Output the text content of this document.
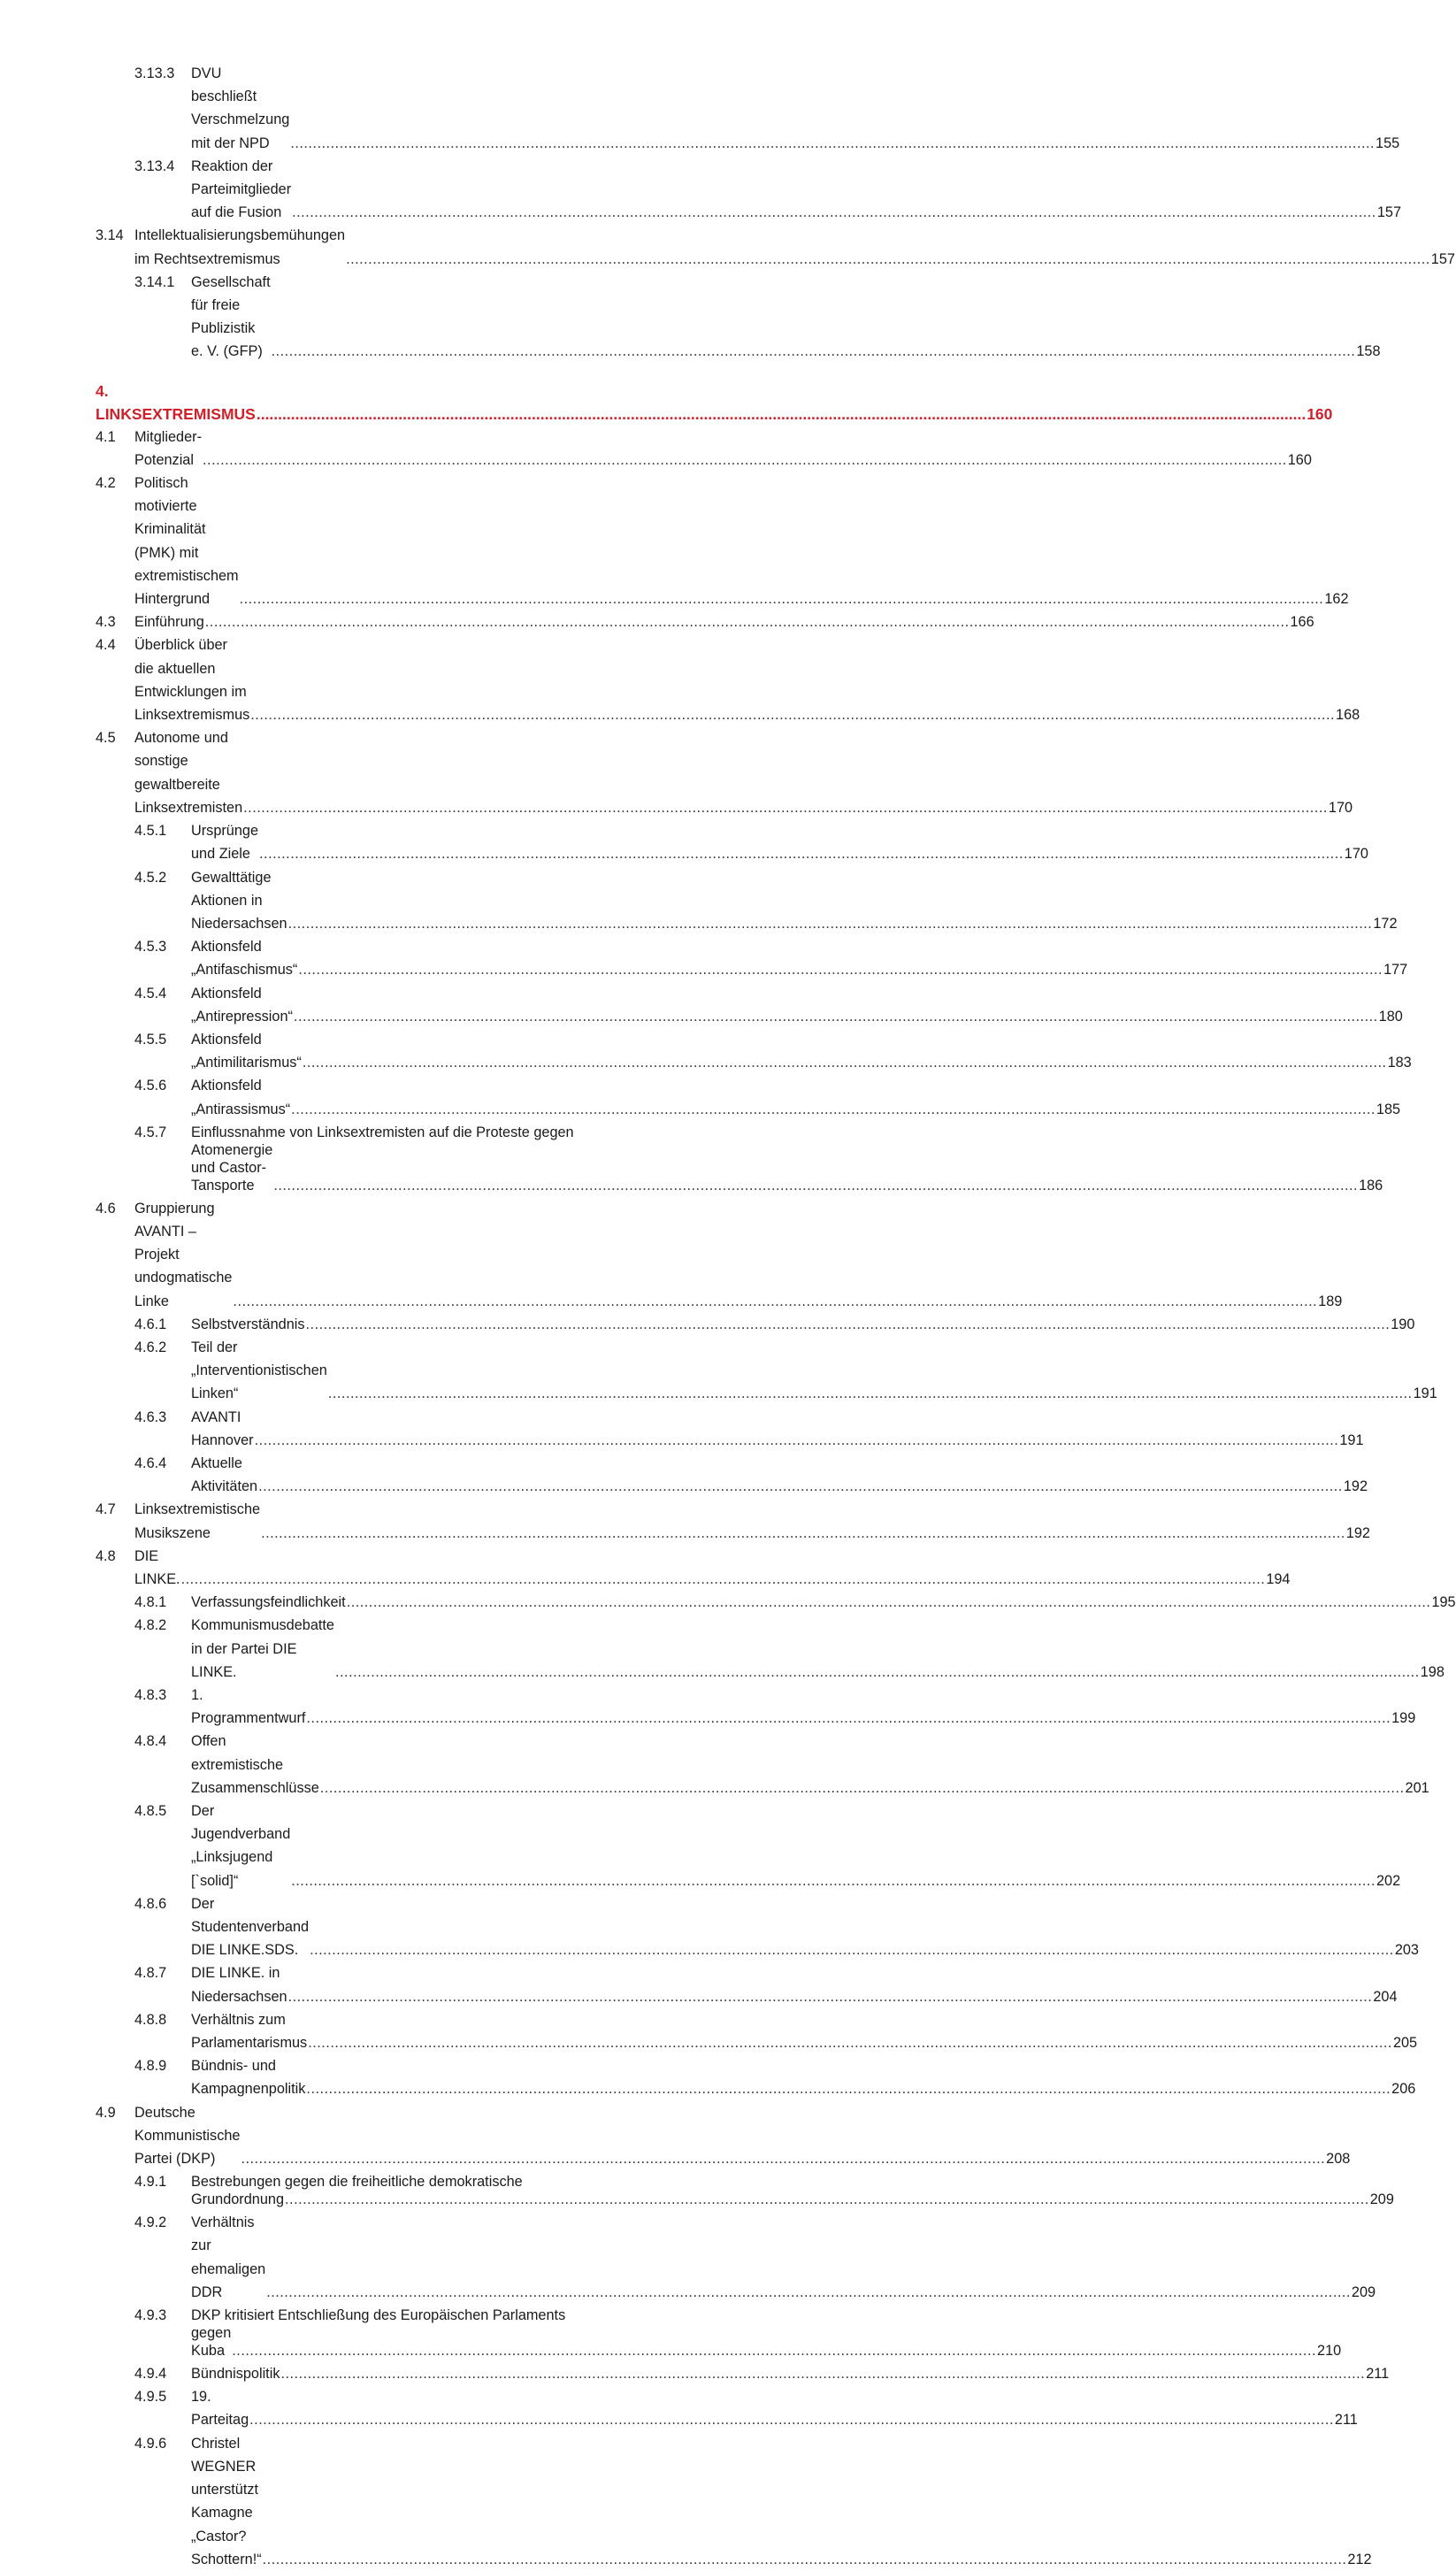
3.13.3 DVU beschließt Verschmelzung mit der NPD .....	155
3.13.4 Reaktion der Parteimitglieder auf die Fusion .....	157
3.14 Intellektualisierungsbemühungen im Rechtsextremismus .....	157
3.14.1 Gesellschaft für freie Publizistik e. V. (GFP) .....	158
4. LINKSEXTREMISMUS .....	160
4.1 Mitglieder-Potenzial .....	160
4.2 Politisch motivierte Kriminalität (PMK) mit extremistischem Hintergrund .....	162
4.3 Einführung .....	166
4.4 Überblick über die aktuellen Entwicklungen im Linksextremismus .....	168
4.5 Autonome und sonstige gewaltbereite Linksextremisten .....	170
4.5.1 Ursprünge und Ziele .....	170
4.5.2 Gewalttätige Aktionen in Niedersachsen .....	172
4.5.3 Aktionsfeld „Antifaschismus“ .....	177
4.5.4 Aktionsfeld „Antirepression“ .....	180
4.5.5 Aktionsfeld „Antimilitarismus“ .....	183
4.5.6 Aktionsfeld „Antirassismus“ .....	185
4.5.7 Einflussnahme von Linksextremisten auf die Proteste gegen
Atomenergie und Castor-Tansporte .....	186
4.6 Gruppierung AVANTI – Projekt undogmatische Linke .....	189
4.6.1 Selbstverständnis .....	190
4.6.2 Teil der „Interventionistischen Linken“ .....	191
4.6.3 AVANTI Hannover .....	191
4.6.4 Aktuelle Aktivitäten .....	192
4.7 Linksextremistische Musikszene .....	192
4.8 DIE LINKE. .....	194
4.8.1 Verfassungsfeindlichkeit .....	195
4.8.2 Kommunismusdebatte in der Partei DIE LINKE. .....	198
4.8.3 1. Programmentwurf .....	199
4.8.4 Offen extremistische Zusammenschlüsse .....	201
4.8.5 Der Jugendverband „Linksjugend [`solid]“ .....	202
4.8.6 Der Studentenverband DIE LINKE.SDS. .....	203
4.8.7 DIE LINKE. in Niedersachsen .....	204
4.8.8 Verhältnis zum Parlamentarismus .....	205
4.8.9 Bündnis- und Kampagnenpolitik .....	206
4.9 Deutsche Kommunistische Partei (DKP) .....	208
4.9.1 Bestrebungen gegen die freiheitliche demokratische
Grundordnung .....	209
4.9.2 Verhältnis zur ehemaligen DDR .....	209
4.9.3 DKP kritisiert Entschließung des Europäischen Parlaments
gegen Kuba .....	210
4.9.4 Bündnispolitik .....	211
4.9.5 19. Parteitag .....	211
4.9.6 Christel WEGNER unterstützt Kamagne „Castor? Schottern!“ .....	212
